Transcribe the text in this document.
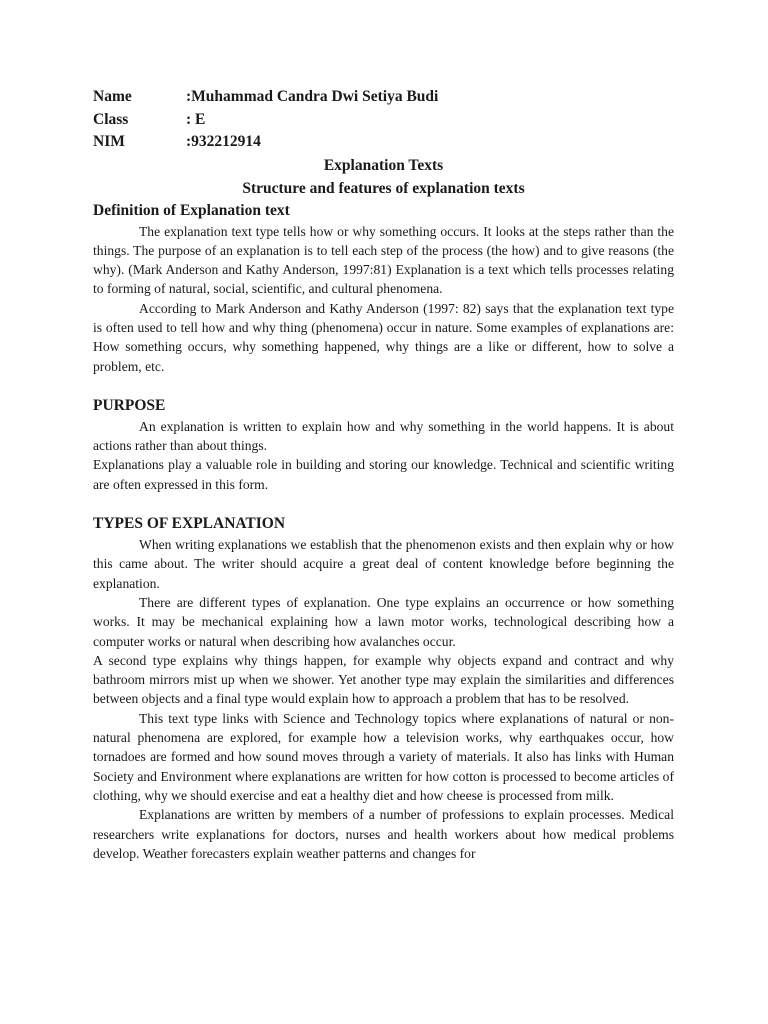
Name	:Muhammad Candra Dwi Setiya Budi
Class	: E
NIM	:932212914
Explanation Texts
Structure and features of explanation texts
Definition of Explanation text

The explanation text type tells how or why something occurs. It looks at the steps rather than the things. The purpose of an explanation is to tell each step of the process (the how) and to give reasons (the why). (Mark Anderson and Kathy Anderson, 1997:81) Explanation is a text which tells processes relating to forming of natural, social, scientific, and cultural phenomena.

According to Mark Anderson and Kathy Anderson (1997: 82) says that the explanation text type is often used to tell how and why thing (phenomena) occur in nature. Some examples of explanations are: How something occurs, why something happened, why things are a like or different, how to solve a problem, etc.

PURPOSE

An explanation is written to explain how and why something in the world happens. It is about actions rather than about things.

Explanations play a valuable role in building and storing our knowledge. Technical and scientific writing are often expressed in this form.

TYPES OF EXPLANATION

When writing explanations we establish that the phenomenon exists and then explain why or how this came about. The writer should acquire a great deal of content knowledge before beginning the explanation.

There are different types of explanation. One type explains an occurrence or how something works. It may be mechanical explaining how a lawn motor works, technological describing how a computer works or natural when describing how avalanches occur.

A second type explains why things happen, for example why objects expand and contract and why bathroom mirrors mist up when we shower. Yet another type may explain the similarities and differences between objects and a final type would explain how to approach a problem that has to be resolved.

This text type links with Science and Technology topics where explanations of natural or non-natural phenomena are explored, for example how a television works, why earthquakes occur, how tornadoes are formed and how sound moves through a variety of materials. It also has links with Human Society and Environment where explanations are written for how cotton is processed to become articles of clothing, why we should exercise and eat a healthy diet and how cheese is processed from milk.

Explanations are written by members of a number of professions to explain processes. Medical researchers write explanations for doctors, nurses and health workers about how medical problems develop. Weather forecasters explain weather patterns and changes for
